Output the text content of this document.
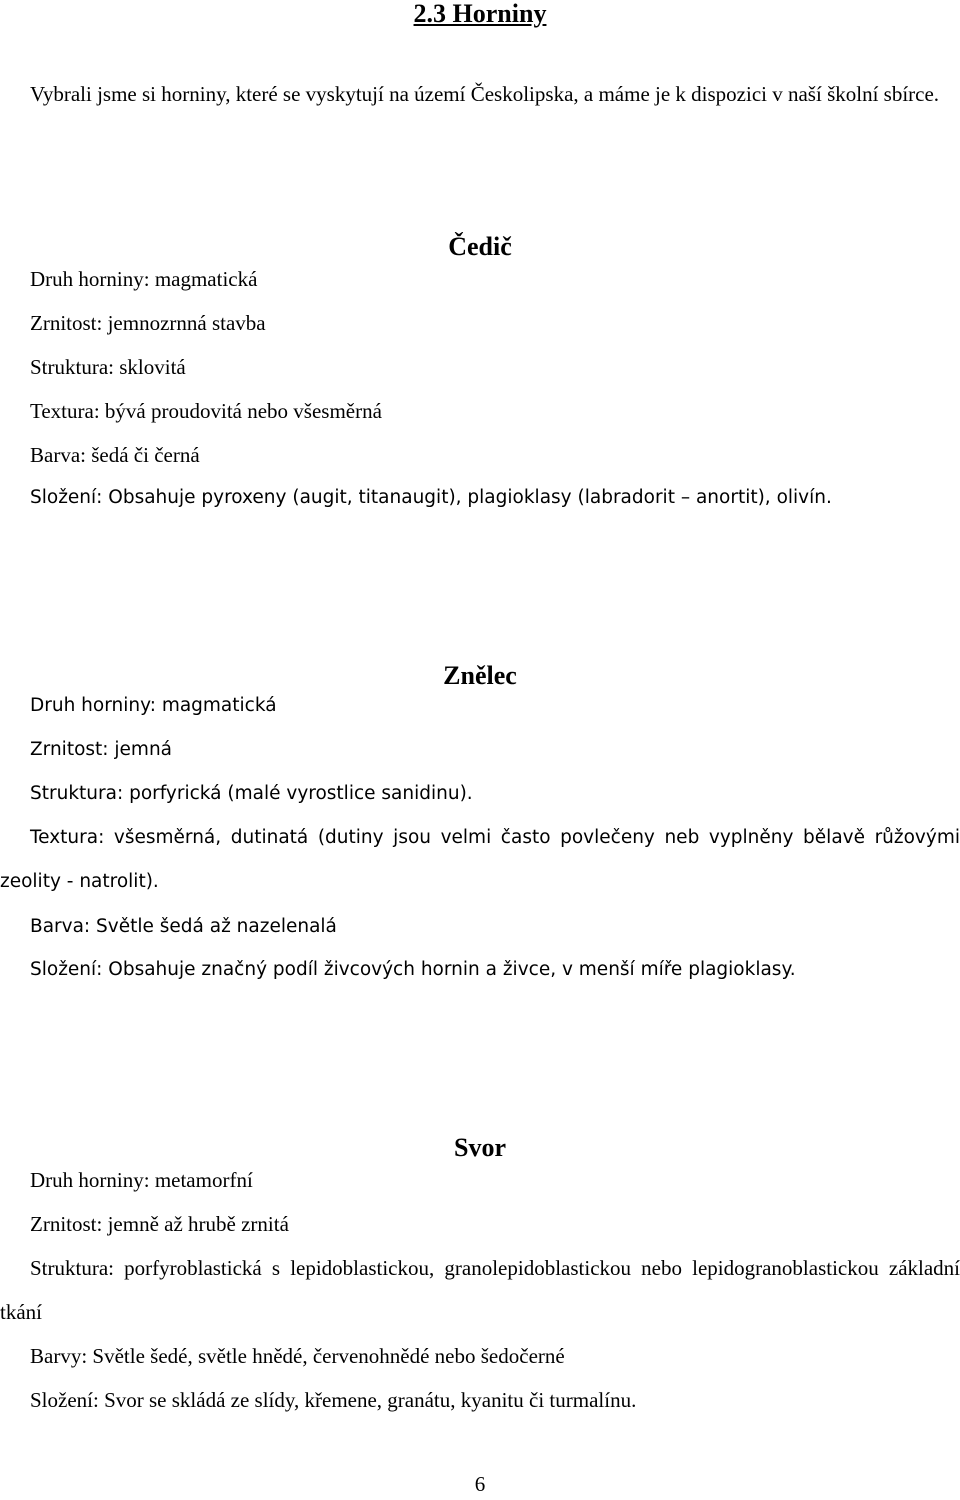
2.3 Horniny

Vybrali jsme si horniny, které se vyskytují na území Českolipska, a máme je k dispozici v naší školní sbírce.

Čedič

Druh horniny: magmatická

Zrnitost: jemnozrnná stavba

Struktura: sklovitá

Textura: bývá proudovitá nebo všesměrná

Barva: šedá či černá

Složení: Obsahuje pyroxeny (augit, titanaugit), plagioklasy (labradorit – anortit), olivín.

Znělec

Druh horniny: magmatická

Zrnitost: jemná

Struktura: porfyrická (malé vyrostlice sanidinu).

Textura: všesměrná, dutinatá (dutiny jsou velmi často povlečeny neb vyplněny bělavě růžovými zeolity - natrolit).

Barva: Světle šedá až nazelenalá

Složení: Obsahuje značný podíl živcových hornin a živce, v menší míře plagioklasy.

Svor

Druh horniny: metamorfní

Zrnitost: jemně až hrubě zrnitá

Struktura: porfyroblastická s lepidoblastickou, granolepidoblastickou nebo lepidogranoblastickou základní tkání

Barvy: Světle šedé, světle hnědé, červenohnědé nebo šedočerné

Složení: Svor se skládá ze slídy, křemene, granátu, kyanitu či turmalínu.

6
